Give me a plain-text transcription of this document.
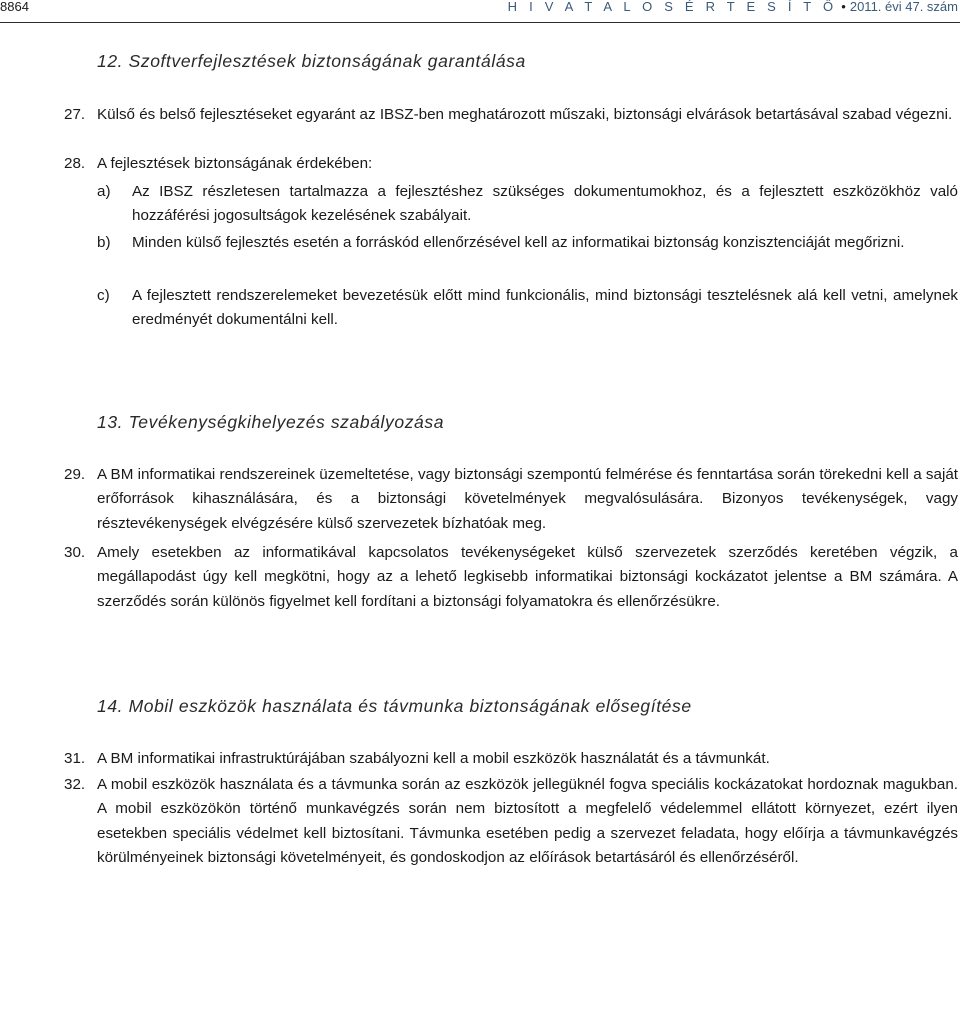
8864	H I V A T A L O S É R T E S Í T Ő • 2011. évi 47. szám
12. Szoftverfejlesztések biztonságának garantálása
27. Külső és belső fejlesztéseket egyaránt az IBSZ-ben meghatározott műszaki, biztonsági elvárások betartásával szabad végezni.
28. A fejlesztések biztonságának érdekében:
a) Az IBSZ részletesen tartalmazza a fejlesztéshez szükséges dokumentumokhoz, és a fejlesztett eszközökhöz való hozzáférési jogosultságok kezelésének szabályait.
b) Minden külső fejlesztés esetén a forráskód ellenőrzésével kell az informatikai biztonság konzisztenciáját megőrizni.
c) A fejlesztett rendszerelemeket bevezetésük előtt mind funkcionális, mind biztonsági tesztelésnek alá kell vetni, amelynek eredményét dokumentálni kell.
13. Tevékenységkihelyezés szabályozása
29. A BM informatikai rendszereinek üzemeltetése, vagy biztonsági szempontú felmérése és fenntartása során törekedni kell a saját erőforrások kihasználására, és a biztonsági követelmények megvalósulására. Bizonyos tevékenységek, vagy résztevékenységek elvégzésére külső szervezetek bízhatóak meg.
30. Amely esetekben az informatikával kapcsolatos tevékenységeket külső szervezetek szerződés keretében végzik, a megállapodást úgy kell megkötni, hogy az a lehető legkisebb informatikai biztonsági kockázatot jelentse a BM számára. A szerződés során különös figyelmet kell fordítani a biztonsági folyamatokra és ellenőrzésükre.
14. Mobil eszközök használata és távmunka biztonságának elősegítése
31. A BM informatikai infrastruktúrájában szabályozni kell a mobil eszközök használatát és a távmunkát.
32. A mobil eszközök használata és a távmunka során az eszközök jellegüknél fogva speciális kockázatokat hordoznak magukban. A mobil eszközökön történő munkavégzés során nem biztosított a megfelelő védelemmel ellátott környezet, ezért ilyen esetekben speciális védelmet kell biztosítani. Távmunka esetében pedig a szervezet feladata, hogy előírja a távmunkavégzés körülményeinek biztonsági követelményeit, és gondoskodjon az előírások betartásáról és ellenőrzéséről.
